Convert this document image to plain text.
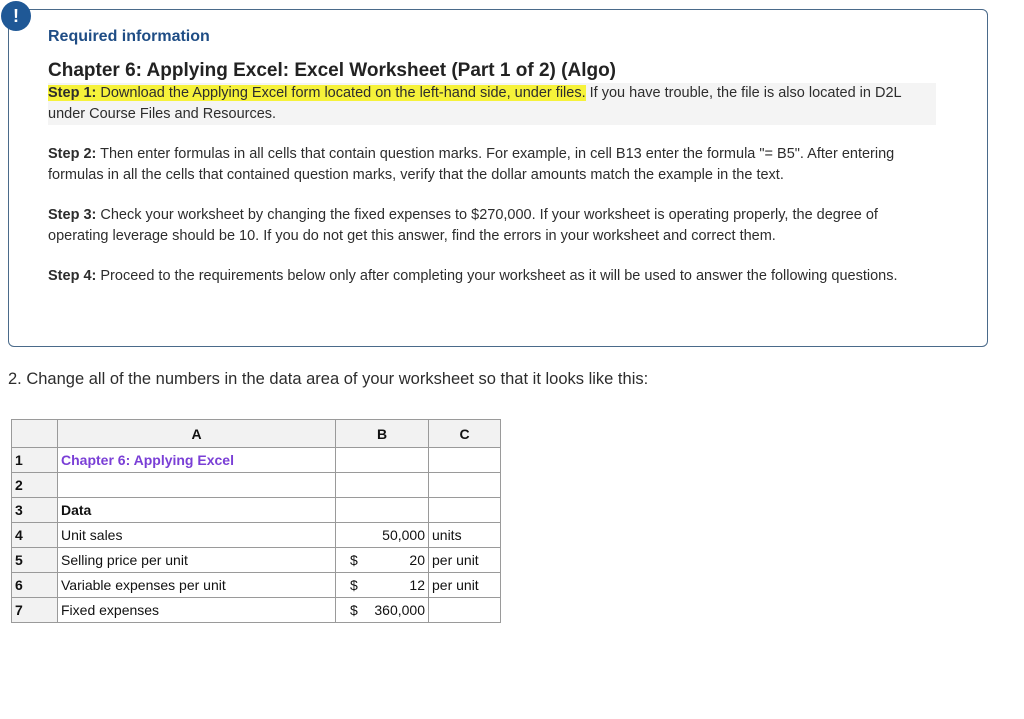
!
Required information
Chapter 6: Applying Excel: Excel Worksheet (Part 1 of 2) (Algo)
Step 1: Download the Applying Excel form located on the left-hand side, under files. If you have trouble, the file is also located in D2L under Course Files and Resources.
Step 2: Then enter formulas in all cells that contain question marks. For example, in cell B13 enter the formula "= B5". After entering formulas in all the cells that contained question marks, verify that the dollar amounts match the example in the text.
Step 3: Check your worksheet by changing the fixed expenses to $270,000. If your worksheet is operating properly, the degree of operating leverage should be 10. If you do not get this answer, find the errors in your worksheet and correct them.
Step 4: Proceed to the requirements below only after completing your worksheet as it will be used to answer the following questions.
2. Change all of the numbers in the data area of your worksheet so that it looks like this:
	A	B	C
1	Chapter 6: Applying Excel	

2		

3	Data	

4	Unit sales	50,000	units
5	Selling price per unit	$ 20	per unit
6	Variable expenses per unit	$ 12	per unit
7	Fixed expenses	$ 360,000	
